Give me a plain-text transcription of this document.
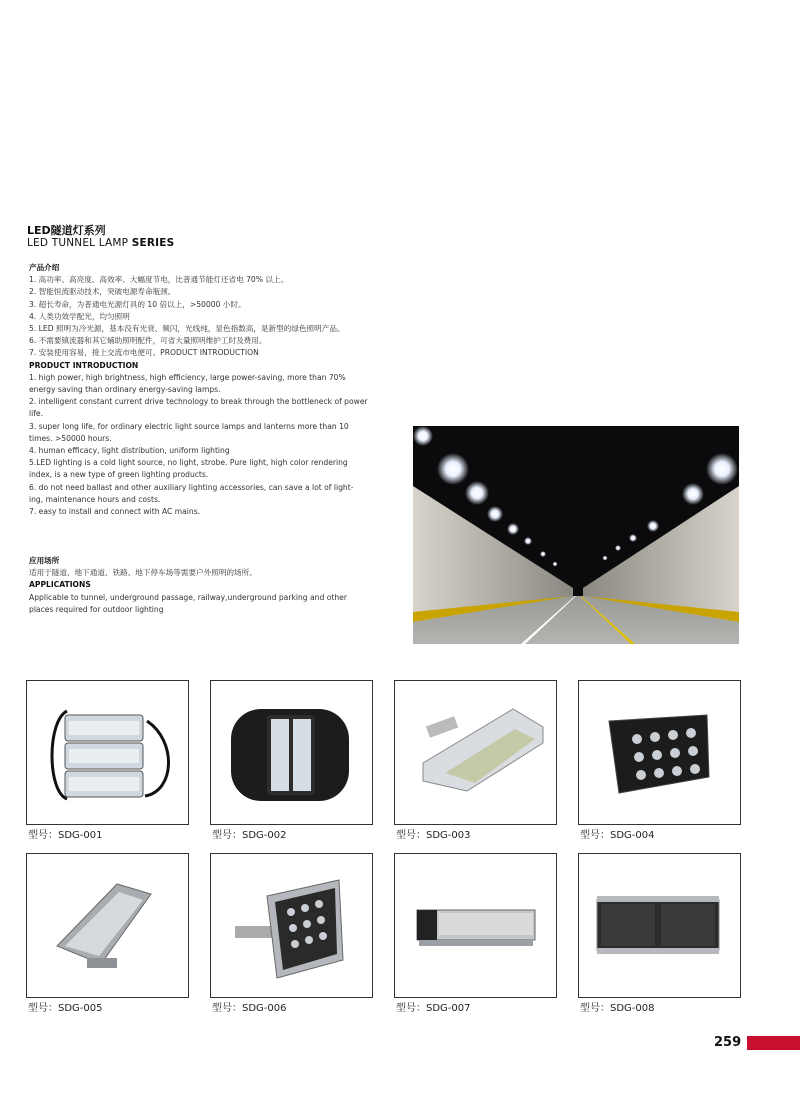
LED隧道灯系列
LED TUNNEL LAMP SERIES
产品介绍
1. 高功率、高亮度、高效率、大幅度节电，比普通节能灯还省电 70% 以上。
2. 智能恒流驱动技术，突破电源寿命瓶颈。
3. 超长寿命，为普通电光源灯具的 10 倍以上，>50000 小时。
4. 人类功效学配光，均匀照明
5. LED 照明为冷光源，基本没有光衰、频闪，光线纯，显色指数高，是新型的绿色照明产品。
6. 不需要镇流器和其它辅助照明配件，可省大量照明维护工时及费用。
7. 安装使用容易，接上交流市电便可。PRODUCT INTRODUCTION
PRODUCT INTRODUCTION
1. high power, high brightness, high efficiency, large power-saving, more than 70%
energy saving than ordinary energy-saving lamps.
2. intelligent constant current drive technology to break through the bottleneck of power
life.
3. super long life, for ordinary electric light source lamps and lanterns more than 10
times. >50000 hours.
4. human efficacy, light distribution, uniform lighting
5.LED lighting is a cold light source, no light, strobe. Pure light, high color rendering
index, is a new type of green lighting products.
6. do not need ballast and other auxiliary lighting accessories, can save a lot of light-
ing, maintenance hours and costs.
7. easy to install and connect with AC mains.
应用场所
适用于隧道、地下通道、铁路、地下停车场等需要户外照明的场所。
APPLICATIONS
Applicable to tunnel, underground passage, railway,underground parking and other
places required for outdoor lighting
型号：SDG-001	型号：SDG-002	型号：SDG-003	型号：SDG-004
型号：SDG-005	型号：SDG-006	型号：SDG-007	型号：SDG-008
259
